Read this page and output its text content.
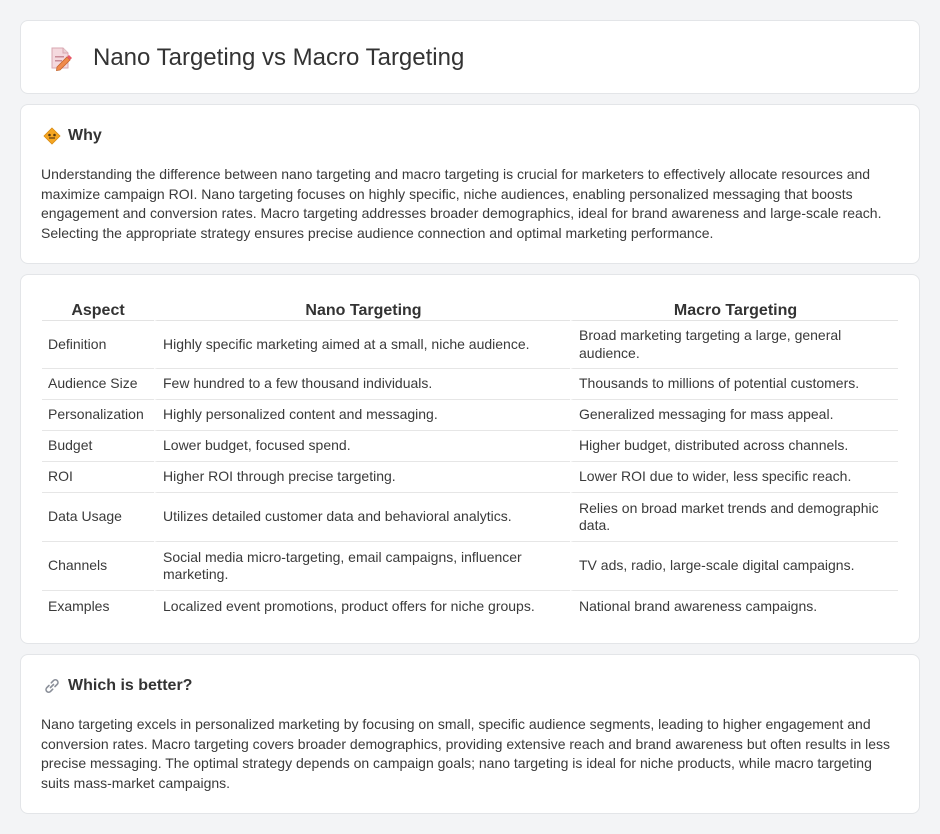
Nano Targeting vs Macro Targeting
Why

Understanding the difference between nano targeting and macro targeting is crucial for marketers to effectively allocate resources and maximize campaign ROI. Nano targeting focuses on highly specific, niche audiences, enabling personalized messaging that boosts engagement and conversion rates. Macro targeting addresses broader demographics, ideal for brand awareness and large-scale reach. Selecting the appropriate strategy ensures precise audience connection and optimal marketing performance.

Aspect	Nano Targeting	Macro Targeting
Definition	Highly specific marketing aimed at a small, niche audience.	Broad marketing targeting a large, general audience.
Audience Size	Few hundred to a few thousand individuals.	Thousands to millions of potential customers.
Personalization	Highly personalized content and messaging.	Generalized messaging for mass appeal.
Budget	Lower budget, focused spend.	Higher budget, distributed across channels.
ROI	Higher ROI through precise targeting.	Lower ROI due to wider, less specific reach.
Data Usage	Utilizes detailed customer data and behavioral analytics.	Relies on broad market trends and demographic data.
Channels	Social media micro-targeting, email campaigns, influencer marketing.	TV ads, radio, large-scale digital campaigns.
Examples	Localized event promotions, product offers for niche groups.	National brand awareness campaigns.
Which is better?

Nano targeting excels in personalized marketing by focusing on small, specific audience segments, leading to higher engagement and conversion rates. Macro targeting covers broader demographics, providing extensive reach and brand awareness but often results in less precise messaging. The optimal strategy depends on campaign goals; nano targeting is ideal for niche products, while macro targeting suits mass-market campaigns.
